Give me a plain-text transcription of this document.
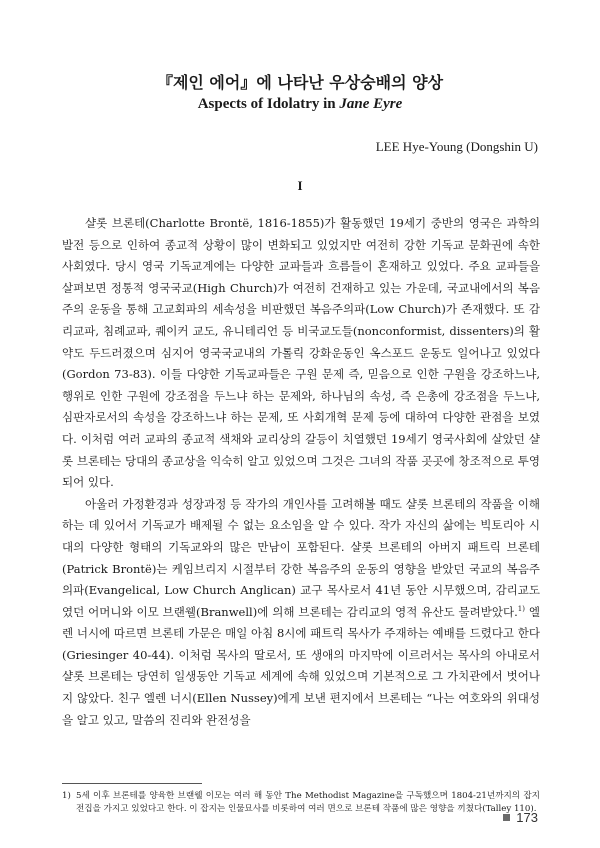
『제인 에어』에 나타난 우상숭배의 양상
Aspects of Idolatry in Jane Eyre
LEE Hye-Young (Dongshin U)
I

샬롯 브론테(Charlotte Brontë, 1816-1855)가 활동했던 19세기 중반의 영국은 과학의 발전 등으로 인하여 종교적 상황이 많이 변화되고 있었지만 여전히 강한 기독교 문화권에 속한 사회였다. 당시 영국 기독교계에는 다양한 교파들과 흐름들이 혼재하고 있었다. 주요 교파들을 살펴보면 정통적 영국국교(High Church)가 여전히 건재하고 있는 가운데, 국교내에서의 복음주의 운동을 통해 고교회파의 세속성을 비판했던 복음주의파(Low Church)가 존재했다. 또 감리교파, 침례교파, 퀘이커 교도, 유니테리언 등 비국교도들(nonconformist, dissenters)의 활약도 두드러졌으며 심지어 영국국교내의 가톨릭 강화운동인 옥스포드 운동도 일어나고 있었다(Gordon 73-83). 이들 다양한 기독교파들은 구원 문제 즉, 믿음으로 인한 구원을 강조하느냐, 행위로 인한 구원에 강조점을 두느냐 하는 문제와, 하나님의 속성, 즉 은총에 강조점을 두느냐, 심판자로서의 속성을 강조하느냐 하는 문제, 또 사회개혁 문제 등에 대하여 다양한 관점을 보였다. 이처럼 여러 교파의 종교적 색채와 교리상의 갈등이 치열했던 19세기 영국사회에 살았던 샬롯 브론테는 당대의 종교상을 익숙히 알고 있었으며 그것은 그녀의 작품 곳곳에 창조적으로 투영되어 있다.

아울러 가정환경과 성장과정 등 작가의 개인사를 고려해볼 때도 샬롯 브론테의 작품을 이해하는 데 있어서 기독교가 배제될 수 없는 요소임을 알 수 있다. 작가 자신의 삶에는 빅토리아 시대의 다양한 형태의 기독교와의 많은 만남이 포함된다. 샬롯 브론테의 아버지 패트릭 브론테(Patrick Brontë)는 케임브리지 시절부터 강한 복음주의 운동의 영향을 받았던 국교의 복음주의파(Evangelical, Low Church Anglican) 교구 목사로서 41년 동안 시무했으며, 감리교도였던 어머니와 이모 브랜웰(Branwell)에 의해 브론테는 감리교의 영적 유산도 물려받았다.$^{1)}$ 엘렌 너시에 따르면 브론테 가문은 매일 아침 8시에 패트릭 목사가 주재하는 예배를 드렸다고 한다(Griesinger 40-44). 이처럼 목사의 딸로서, 또 생애의 마지막에 이르러서는 목사의 아내로서 샬롯 브론테는 당연히 일생동안 기독교 세계에 속해 있었으며 기본적으로 그 가치관에서 벗어나지 않았다. 친구 엘렌 너시(Ellen Nussey)에게 보낸 편지에서 브론테는 “나는 여호와의 위대성을 알고 있고, 말씀의 진리와 완전성을

1) 5세 이후 브론테를 양육한 브랜웰 이모는 여러 해 동안 The Methodist Magazine을 구독했으며 1804-21년까지의 잡지 전집을 가지고 있었다고 한다. 이 잡지는 인물묘사를 비롯하여 여러 면으로 브론테 작품에 많은 영향을 끼쳤다(Talley 110).
173
